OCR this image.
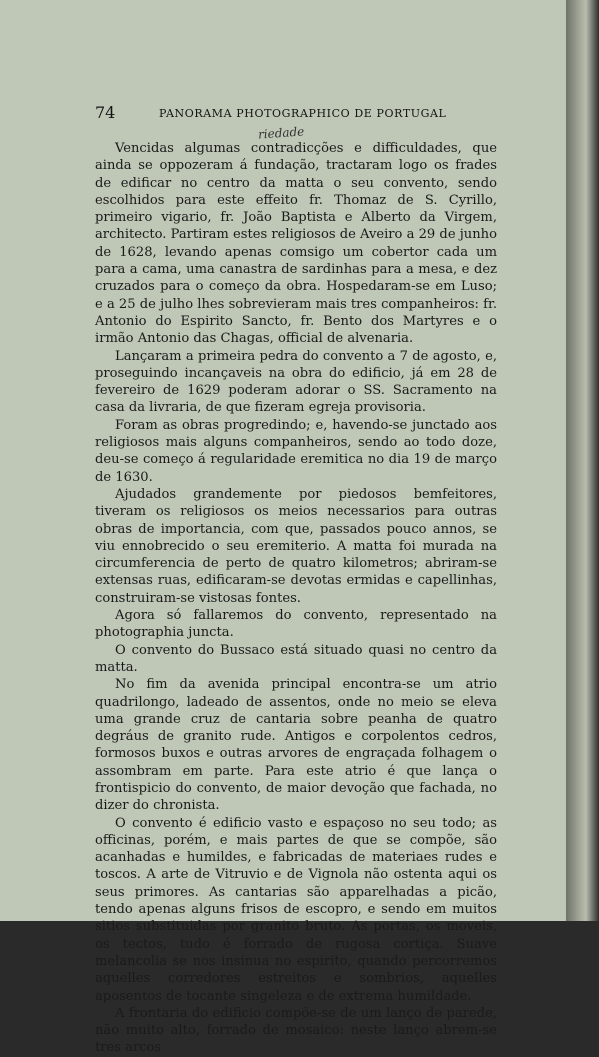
74	PANORAMA PHOTOGRAPHICO DE PORTUGAL
riedade

Vencidas algumas contradicções e difficuldades, que ainda se oppozeram á fundação, tractaram logo os frades de edificar no centro da matta o seu convento, sendo escolhidos para este effeito fr. Thomaz de S. Cyrillo, primeiro vigario, fr. João Baptista e Alberto da Virgem, architecto. Partiram estes religiosos de Aveiro a 29 de junho de 1628, levando apenas comsigo um cobertor cada um para a cama, uma canastra de sardinhas para a mesa, e dez cruzados para o começo da obra. Hospedaram-se em Luso; e a 25 de julho lhes sobrevieram mais tres companheiros: fr. Antonio do Espirito Sancto, fr. Bento dos Martyres e o irmão Antonio das Chagas, official de alvenaria.

Lançaram a primeira pedra do convento a 7 de agosto, e, proseguindo incançaveis na obra do edificio, já em 28 de fevereiro de 1629 poderam adorar o SS. Sacramento na casa da livraria, de que fizeram egreja provisoria.

Foram as obras progredindo; e, havendo-se junctado aos religiosos mais alguns companheiros, sendo ao todo doze, deu-se começo á regularidade eremitica no dia 19 de março de 1630.

Ajudados grandemente por piedosos bemfeitores, tiveram os religiosos os meios necessarios para outras obras de importancia, com que, passados pouco annos, se viu ennobrecido o seu eremiterio. A matta foi murada na circumferencia de perto de quatro kilometros; abriram-se extensas ruas, edificaram-se devotas ermidas e capellinhas, construiram-se vistosas fontes.

Agora só fallaremos do convento, representado na photographia juncta.

O convento do Bussaco está situado quasi no centro da matta.

No fim da avenida principal encontra-se um atrio quadrilongo, ladeado de assentos, onde no meio se eleva uma grande cruz de cantaria sobre peanha de quatro degráus de granito rude. Antigos e corpolentos cedros, formosos buxos e outras arvores de engraçada folhagem o assombram em parte. Para este atrio é que lança o frontispicio do convento, de maior devoção que fachada, no dizer do chronista.

O convento é edificio vasto e espaçoso no seu todo; as officinas, porém, e mais partes de que se compõe, são acanhadas e humildes, e fabricadas de materiaes rudes e toscos. A arte de Vitruvio e de Vignola não ostenta aqui os seus primores. As cantarias são apparelhadas a picão, tendo apenas alguns frisos de escopro, e sendo em muitos sitios substituidas por granito bruto. As portas, os moveis, os tectos, tudo é forrado de rugosa cortiça. Suave melancolia se nos insinua no espirito, quando percorremos aquelles corredores estreitos e sombrios, aquelles aposentos de tocante singeleza e de extrema humildade.

A frontaria do edificio compõe-se de um lanço de parede, não muito alto, forrado de mosaico: neste lanço abrem-se tres arcos
